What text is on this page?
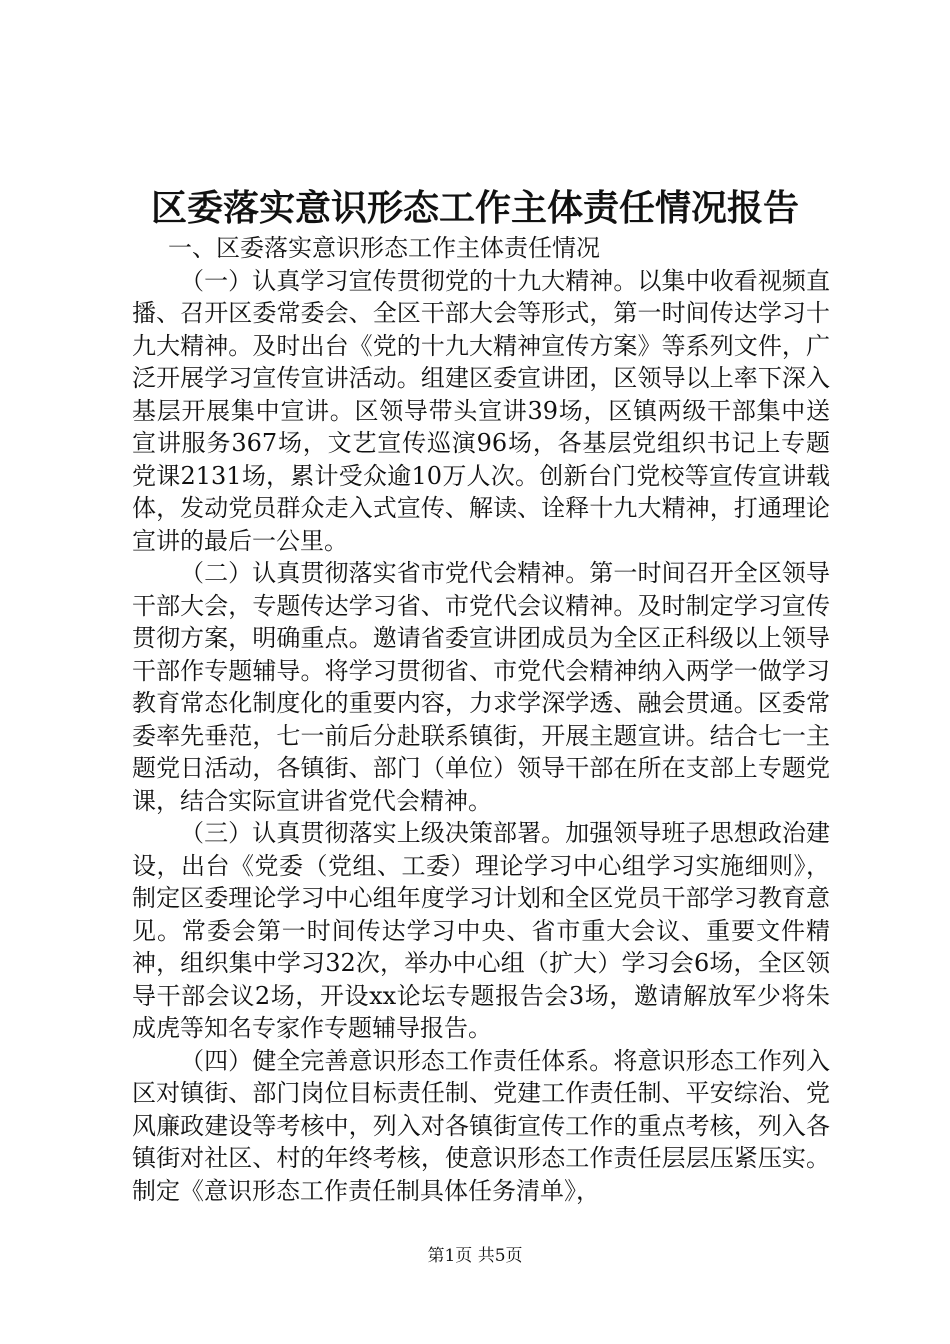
区委落实意识形态工作主体责任情况报告

一、区委落实意识形态工作主体责任情况

（一）认真学习宣传贯彻党的十九大精神。以集中收看视频直播、召开区委常委会、全区干部大会等形式，第一时间传达学习十九大精神。及时出台《党的十九大精神宣传方案》等系列文件，广泛开展学习宣传宣讲活动。组建区委宣讲团，区领导以上率下深入基层开展集中宣讲。区领导带头宣讲39场，区镇两级干部集中送宣讲服务367场，文艺宣传巡演96场，各基层党组织书记上专题党课2131场，累计受众逾10万人次。创新台门党校等宣传宣讲载体，发动党员群众走入式宣传、解读、诠释十九大精神，打通理论宣讲的最后一公里。

（二）认真贯彻落实省市党代会精神。第一时间召开全区领导干部大会，专题传达学习省、市党代会议精神。及时制定学习宣传贯彻方案，明确重点。邀请省委宣讲团成员为全区正科级以上领导干部作专题辅导。将学习贯彻省、市党代会精神纳入两学一做学习教育常态化制度化的重要内容，力求学深学透、融会贯通。区委常委率先垂范，七一前后分赴联系镇街，开展主题宣讲。结合七一主题党日活动，各镇街、部门（单位）领导干部在所在支部上专题党课，结合实际宣讲省党代会精神。

（三）认真贯彻落实上级决策部署。加强领导班子思想政治建设，出台《党委（党组、工委）理论学习中心组学习实施细则》，制定区委理论学习中心组年度学习计划和全区党员干部学习教育意见。常委会第一时间传达学习中央、省市重大会议、重要文件精神，组织集中学习32次，举办中心组（扩大）学习会6场，全区领导干部会议2场，开设xx论坛专题报告会3场，邀请解放军少将朱成虎等知名专家作专题辅导报告。

（四）健全完善意识形态工作责任体系。将意识形态工作列入区对镇街、部门岗位目标责任制、党建工作责任制、平安综治、党风廉政建设等考核中，列入对各镇街宣传工作的重点考核，列入各镇街对社区、村的年终考核，使意识形态工作责任层层压紧压实。制定《意识形态工作责任制具体任务清单》，

第1页 共5页
